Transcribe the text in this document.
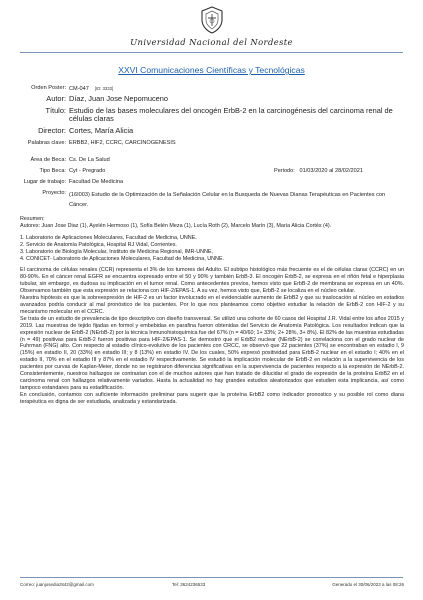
Universidad Nacional del Nordeste
XXVI Comunicaciones Científicas y Tecnológicas
Orden Poster: CM-047 [ID: 3333]
Autor: Díaz, Juan Jose Nepomuceno
Título: Estudio de las bases moleculares del oncogén ErbB-2 en la carcinogénesis del carcinoma renal de células claras
Director: Cortes, María Alicia
Palabras clave: ERBB2, HIF2, CCRC, CARCINOGENESIS
Área de Beca: Cs. De La Salud
Tipo Beca: Cyt - Pregrado	Periodo: 01/03/2020 al 28/02/2021
Lugar de trabajo: Facultad De Medicina
Proyecto: (16I003) Estudio de la Optimización de la Señalación Celular en la Busqueda de Nuevas Dianas Terapéuticas en Pacientes con Cáncer.

Resumen:

Autores: Juan Jose Diaz (1), Ayelén Hermoso (1), Sofía Belén Meza (1), Lucía Roth (2), Marcelo Marín (3), María Alicia Cortés (4).

1. Laboratorio de Aplicaciones Moleculares, Facultad de Medicina, UNNE.

2. Servicio de Anatomía Patológica, Hospital RJ Vidal, Corrientes.

3. Laboratorio de Biología Molecular, Instituto de Medicina Regional, IMR-UNNE.

4. CONICET- Laboratorio de Aplicaciones Moleculares, Facultad de Medicina, UNNE.

El carcinoma de células renales (CCR) representa el 3% de los tumores del Adulto. El subtipo histológico más frecuente es el de células claras (CCRC) en un 80-90%. En el cáncer renal EGFR se encuentra expresado entre el 50 y 90% y también ErbB-3. El oncogén ErbB-2, se expresa en el riñón fetal e hiperplasia tubular, sin embargo, es dudosa su implicación en el tumor renal. Como antecedentes previos, hemos visto que ErbB-2 de membrana se expresa en un 40%. Observamos también que esta expresión se relaciona con HIF-2/EPAS-1. A su vez, hemos visto que, ErbB-2 se localiza en el núcleo celular.

Nuestra hipótesis es que la sobreexpresión de HIF-2 es un factor involucrado en el evidenciable aumento de ErbB2 y que su traslocación al núcleo en estadios avanzados podría conducir al mal pronóstico de los pacientes. Por lo que nos planteamos como objetivo estudiar la relación de ErbB-2 con HIF-2 y su mecanismo molecular en el CCRC.

Se trata de un estudio de prevalencia de tipo descriptivo con diseño transversal. Se utilizó una cohorte de 60 casos del Hospital J.R. Vidal entre los años 2015 y 2019. Las muestras de tejido fijadas en formol y embebidas en parafina fueron obtenidas del Servicio de Anatomía Patológica. Los resultados indican que la expresión nuclear de ErbB-2 (NErbB-2) por la técnica Inmunohistoquímica fue del 67% (n = 40/60; 1+ 33%; 2+ 28%, 3+ 8%). El 82% de las muestras estudiadas (n = 49) positivas para ErbB-2 fueron positivas para HIF-2/EPAS-1. Se demostró que el ErbB2 nuclear (NErbB-2) se correlaciona con el grado nuclear de Fuhrman (FNG) alto. Con respecto al estadio clínico-evolutivo de los pacientes con CRCC, se observó que 22 pacientes (37%) se encontraban en estadio I, 9 (15%) en estadio II, 20 (33%) en estadio III; y 8 (13%) en estadio IV. De los cuales, 50% expresó positividad para ErbB-2 nuclear en el estadio I; 40% en el estadio II, 70% en el estadio III y 87% en el estadio IV respectivamente. Se estudió la implicación molecular de ErbB-2 en relación a la supervivencia de los pacientes por curvas de Kaplan-Meier, donde no se registraron diferencias significativas en la supervivencia de pacientes respecto a la expresión de NErbB-2. Consistentemente, nuestros hallazgos se contrastan con el de muchos autores que han tratado de dilucidar el grado de expresión de la proteína ErbB2 en el carcinoma renal con hallazgos relativamente variados. Hasta la actualidad no hay grandes estudios aleatorizados que estudien esta implicancia, así como tampoco estandares para su estadificación.

En conclusión, contamos con suficiente información preliminar para sugerir que la proteína ErbB2 como indicador pronostico y su posible rol como diana terapéutica es digna de ser estudiada, analizada y estandarizada.

Correo: juanjosediaz842@gmail.com	Tel: 3624236533	Generado el 30/06/2023 a las 08:26
